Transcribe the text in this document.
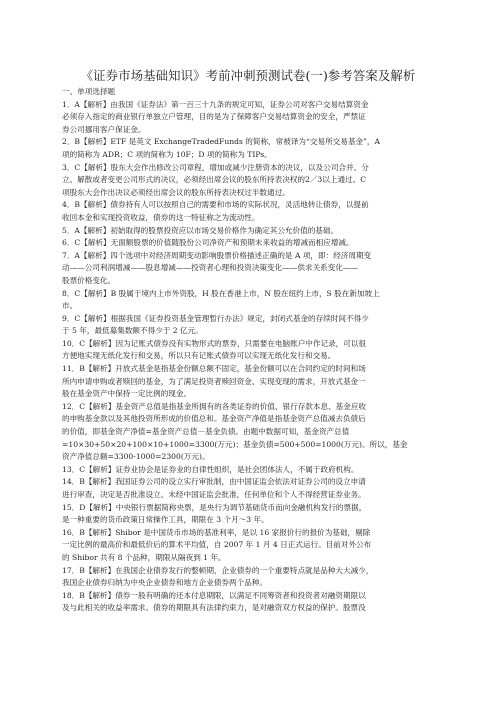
《证券市场基础知识》考前冲刺预测试卷(一)参考答案及解析
一、单项选择题
1．A【解析】由我国《证券法》第一百三十九条的规定可知，证券公司对客户交易结算资金
必须存入指定的商业银行单独立户管理，目的是为了保障客户交易结算资金的安全，严禁证
券公司挪用客户保证金。
2．B【解析】ETF 是英文 ExchangeTradedFunds 的简称，常被译为“交易所交易基金”，A
项的简称为 ADR；C 项的简称为 10F；D 项的简称为 TIPs。
3．C【解析】股东大会作出修改公司章程，增加或减少注册资本的决议，以及公司合并、分
立、解散或者变更公司形式的决议，必须经出席会议的股东所持表决权的2／3以上通过。C
项股东大会作出决议必须经出席会议的股东所持表决权过半数通过。
4．B【解析】债券持有人可以按照自己的需要和市场的实际状况，灵活地转让债券，以提前
收回本金和实现投资收益，债券的这一特征称之为流动性。
5．A【解析】初始取得的股票投资应以市场交易价格作为确定其公允价值的基础。
6．C【解析】无面额股票的价值随股份公司净资产和预期未来收益的增减而相应增减。
7．A【解析】四个选项中对经济周期变动影响股票价格描述正确的是 A 项，即：经济周期变
动——公司利润增减——股息增减——投资者心理和投资决策变化——供求关系变化——
股票价格变化。
8．C【解析】B 股属于境内上市外资股，H 股在香港上市，N 股在纽约上市，S 股在新加坡上
市。
9．C【解析】根据我国《证券投资基金管理暂行办法》规定，封闭式基金的存续时间不得少
于 5 年，最低募集数额不得少于 2 亿元。
10．C【解析】因为记账式债券没有实物形式的票券，只需要在电脑账户中作记录，可以很
方便地实现无纸化发行和交易，所以只有记账式债券可以实现无纸化发行和交易。
11．B【解析】开放式基金是指基金份额总额不固定，基金份额可以在合同约定的时间和场
所内申请申购或者赎回的基金，为了满足投资者赎回资金、实现变现的需求，开放式基金一
般在基金资产中保持一定比例的现金。
12．C【解析】基金资产总值是指基金所拥有的各类证券的价值、银行存款本息、基金应收
的申购基金款以及其他投资所形成的价值总和。基金资产净值是指基金资产总值减去负债后
的价值，即基金资产净值=基金资产总值－基金负债。由题中数据可知，基金资产总值
=10×30+50×20+100×10+1000=3300(万元)；基金负债=500+500=1000(万元)。所以，基金
资产净值总额=3300-1000=2300(万元)。
13．C【解析】证券业协会是证券业的自律性组织，是社会团体法人，不属于政府机构。
14．B【解析】我国证券公司的设立实行审批制，由中国证监会依法对证券公司的设立申请
进行审查，决定是否批准设立。未经中国证监会批准，任何单位和个人不得经营证券业务。
15．D【解析】中央银行票据简称央票，是央行为调节基础货币而向金融机构发行的票据，
是一种重要的货币政策日常操作工具，期限在 3 个月～3 年。
16．B【解析】Shibor 是中国货币市场的基准利率，是以 16 家报价行的报价为基础，剔除
一定比例的最高价和最低价后的算术平均值，自 2007 年 1 月 4 日正式运行。目前对外公布
的 Shibor 共有 8 个品种，期限从隔夜到 1 年。
17．B【解析】在我国企业债券发行的整顿期，企业债券的一个重要特点就是品种大大减少，
我国企业债券归纳为中央企业债券和地方企业债券两个品种。
18．B【解析】债券一般有明确的还本付息期限，以满足不同筹资者和投资者对融资期限以
及与此相关的收益率需求。债券的期限具有法律约束力，是对融资双方权益的保护。股票没
